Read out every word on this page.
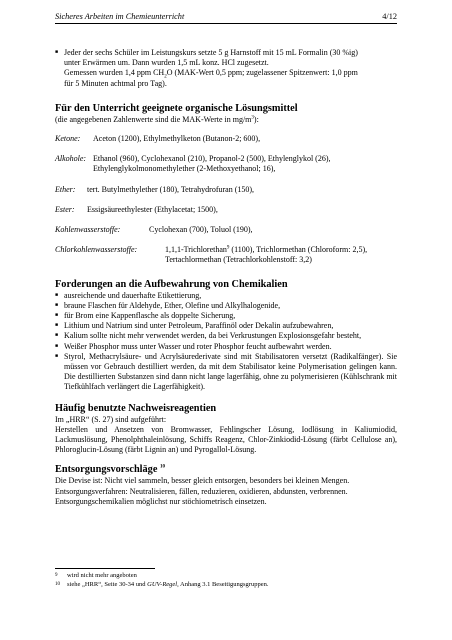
Sicheres Arbeiten im Chemieunterricht	4/12
■ Jeder der sechs Schüler im Leistungskurs setzte 5 g Harnstoff mit 15 mL Formalin (30 %ig)
unter Erwärmen um. Dann wurden 1,5 mL konz. HCl zugesetzt.
Gemessen wurden 1,4 ppm $CH_2O$ (MAK-Wert 0,5 ppm; zugelassener Spitzenwert: 1,0 ppm
für 5 Minuten achtmal pro Tag).
Für den Unterricht geeignete organische Lösungsmittel

(die angegebenen Zahlenwerte sind die MAK-Werte in $mg/m^3$):

Ketone:	Aceton (1200), Ethylmethylketon (Butanon-2; 600),
Alkohole: Ethanol (960), Cyclohexanol (210), Propanol-2 (500), Ethylenglykol (26),
Ethylenglykolmonomethylether (2-Methoxyethanol; 16),
Ether:	tert. Butylmethylether (180), Tetrahydrofuran (150),
Ester:	Essigsäureethylester (Ethylacetat; 1500),
Kohlenwasserstoffe:	Cyclohexan (700), Toluol (190),
Chlorkohlenwasserstoffe:	1,1,1-Trichlorethan$^9$ (1100), Trichlormethan (Chloroform: 2,5),
Tertachlormethan (Tetrachlorkohlenstoff: 3,2)
Forderungen an die Aufbewahrung von Chemikalien
■ ausreichende und dauerhafte Etikettierung,
■ braune Flaschen für Aldehyde, Ether, Olefine und Alkylhalogenide,
■ für Brom eine Kappenflasche als doppelte Sicherung,
■ Lithium und Natrium sind unter Petroleum, Paraffinöl oder Dekalin aufzubewahren,
■ Kalium sollte nicht mehr verwendet werden, da bei Verkrustungen Explosionsgefahr besteht,
■ Weißer Phosphor muss unter Wasser und roter Phosphor feucht aufbewahrt werden.
■ Styrol, Methacrylsäure- und Acrylsäurederivate sind mit Stabilisatoren versetzt (Radikalfänger). Sie müssen vor Gebrauch destilliert werden, da mit dem Stabilisator keine Polymerisation gelingen kann. Die destillierten Substanzen sind dann nicht lange lagerfähig, ohne zu polymerisieren (Kühlschrank mit Tiefkühlfach verlängert die Lagerfähigkeit).
Häufig benutzte Nachweisreagentien

Im „HRR“ (S. 27) sind aufgeführt:

Herstellen und Ansetzen von Bromwasser, Fehlingscher Lösung, Iodlösung in Kaliumiodid, Lackmuslösung, Phenolphthaleinlösung, Schiffs Reagenz, Chlor-Zinkiodid-Lösung (färbt Cellulose an), Phloroglucin-Lösung (färbt Lignin an) und Pyrogallol-Lösung.

Entsorgungsvorschläge $^{10}$

Die Devise ist: Nicht viel sammeln, besser gleich entsorgen, besonders bei kleinen Mengen.

Entsorgungsverfahren: Neutralisieren, fällen, reduzieren, oxidieren, abdunsten, verbrennen.

Entsorgungschemikalien möglichst nur stöchiometrisch einsetzen.

9 wird nicht mehr angeboten
10 siehe „HRR“, Seite 30-34 und GUV-Regel, Anhang 3.1 Beseitigungsgruppen.
